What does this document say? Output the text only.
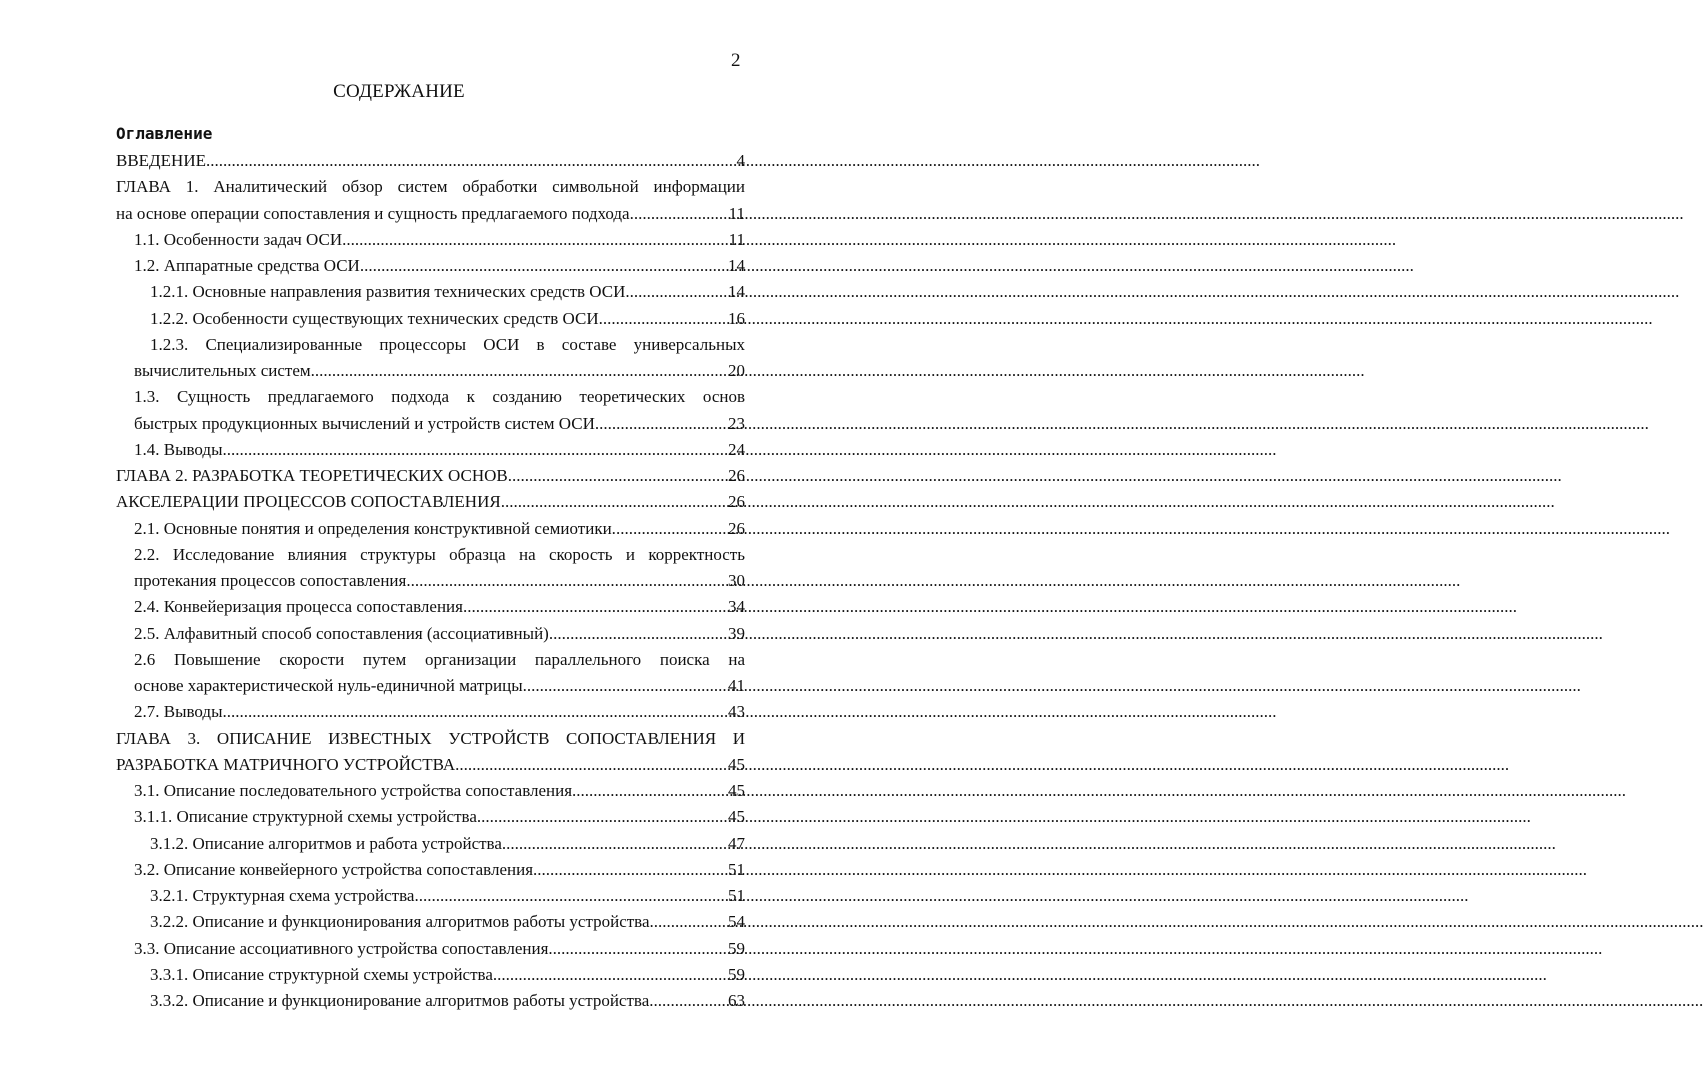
2
СОДЕРЖАНИЕ
Оглавление
ВВЕДЕНИЕ .....	4
ГЛАВА 1. Аналитический обзор систем обработки символьной информации
на основе операции сопоставления и сущность предлагаемого подхода .....	11
1.1. Особенности задач ОСИ .....	11
1.2. Аппаратные средства ОСИ .....	14
1.2.1. Основные направления развития технических средств ОСИ .....	14
1.2.2. Особенности существующих технических средств ОСИ .....	16
1.2.3. Специализированные процессоры ОСИ в составе универсальных
вычислительных систем .....	20
1.3. Сущность предлагаемого подхода к созданию теоретических основ
быстрых продукционных вычислений и устройств систем ОСИ .....	23
1.4. Выводы .....	24
ГЛАВА 2. РАЗРАБОТКА ТЕОРЕТИЧЕСКИХ ОСНОВ .....	26
АКСЕЛЕРАЦИИ ПРОЦЕССОВ СОПОСТАВЛЕНИЯ .....	26
2.1. Основные понятия и определения конструктивной семиотики. .....	26
2.2. Исследование влияния структуры образца на скорость и корректность
протекания процессов сопоставления .....	30
2.4. Конвейеризация процесса сопоставления .....	34
2.5. Алфавитный способ сопоставления (ассоциативный) .....	39
2.6 Повышение скорости путем организации параллельного поиска на
основе характеристической нуль-единичной матрицы. .....	41
2.7. Выводы .....	43
ГЛАВА 3. ОПИСАНИЕ ИЗВЕСТНЫХ УСТРОЙСТВ СОПОСТАВЛЕНИЯ И
РАЗРАБОТКА МАТРИЧНОГО УСТРОЙСТВА .....	45
3.1. Описание последовательного устройства сопоставления .....	45
3.1.1. Описание структурной схемы устройства .....	45
3.1.2. Описание алгоритмов и работа устройства .....	47
3.2. Описание конвейерного устройства сопоставления .....	51
3.2.1. Структурная схема устройства .....	51
3.2.2. Описание и функционирования алгоритмов работы устройства .....	54
3.3. Описание ассоциативного устройства сопоставления .....	59
3.3.1. Описание структурной схемы устройства .....	59
3.3.2. Описание и функционирование алгоритмов работы устройства .....	63
